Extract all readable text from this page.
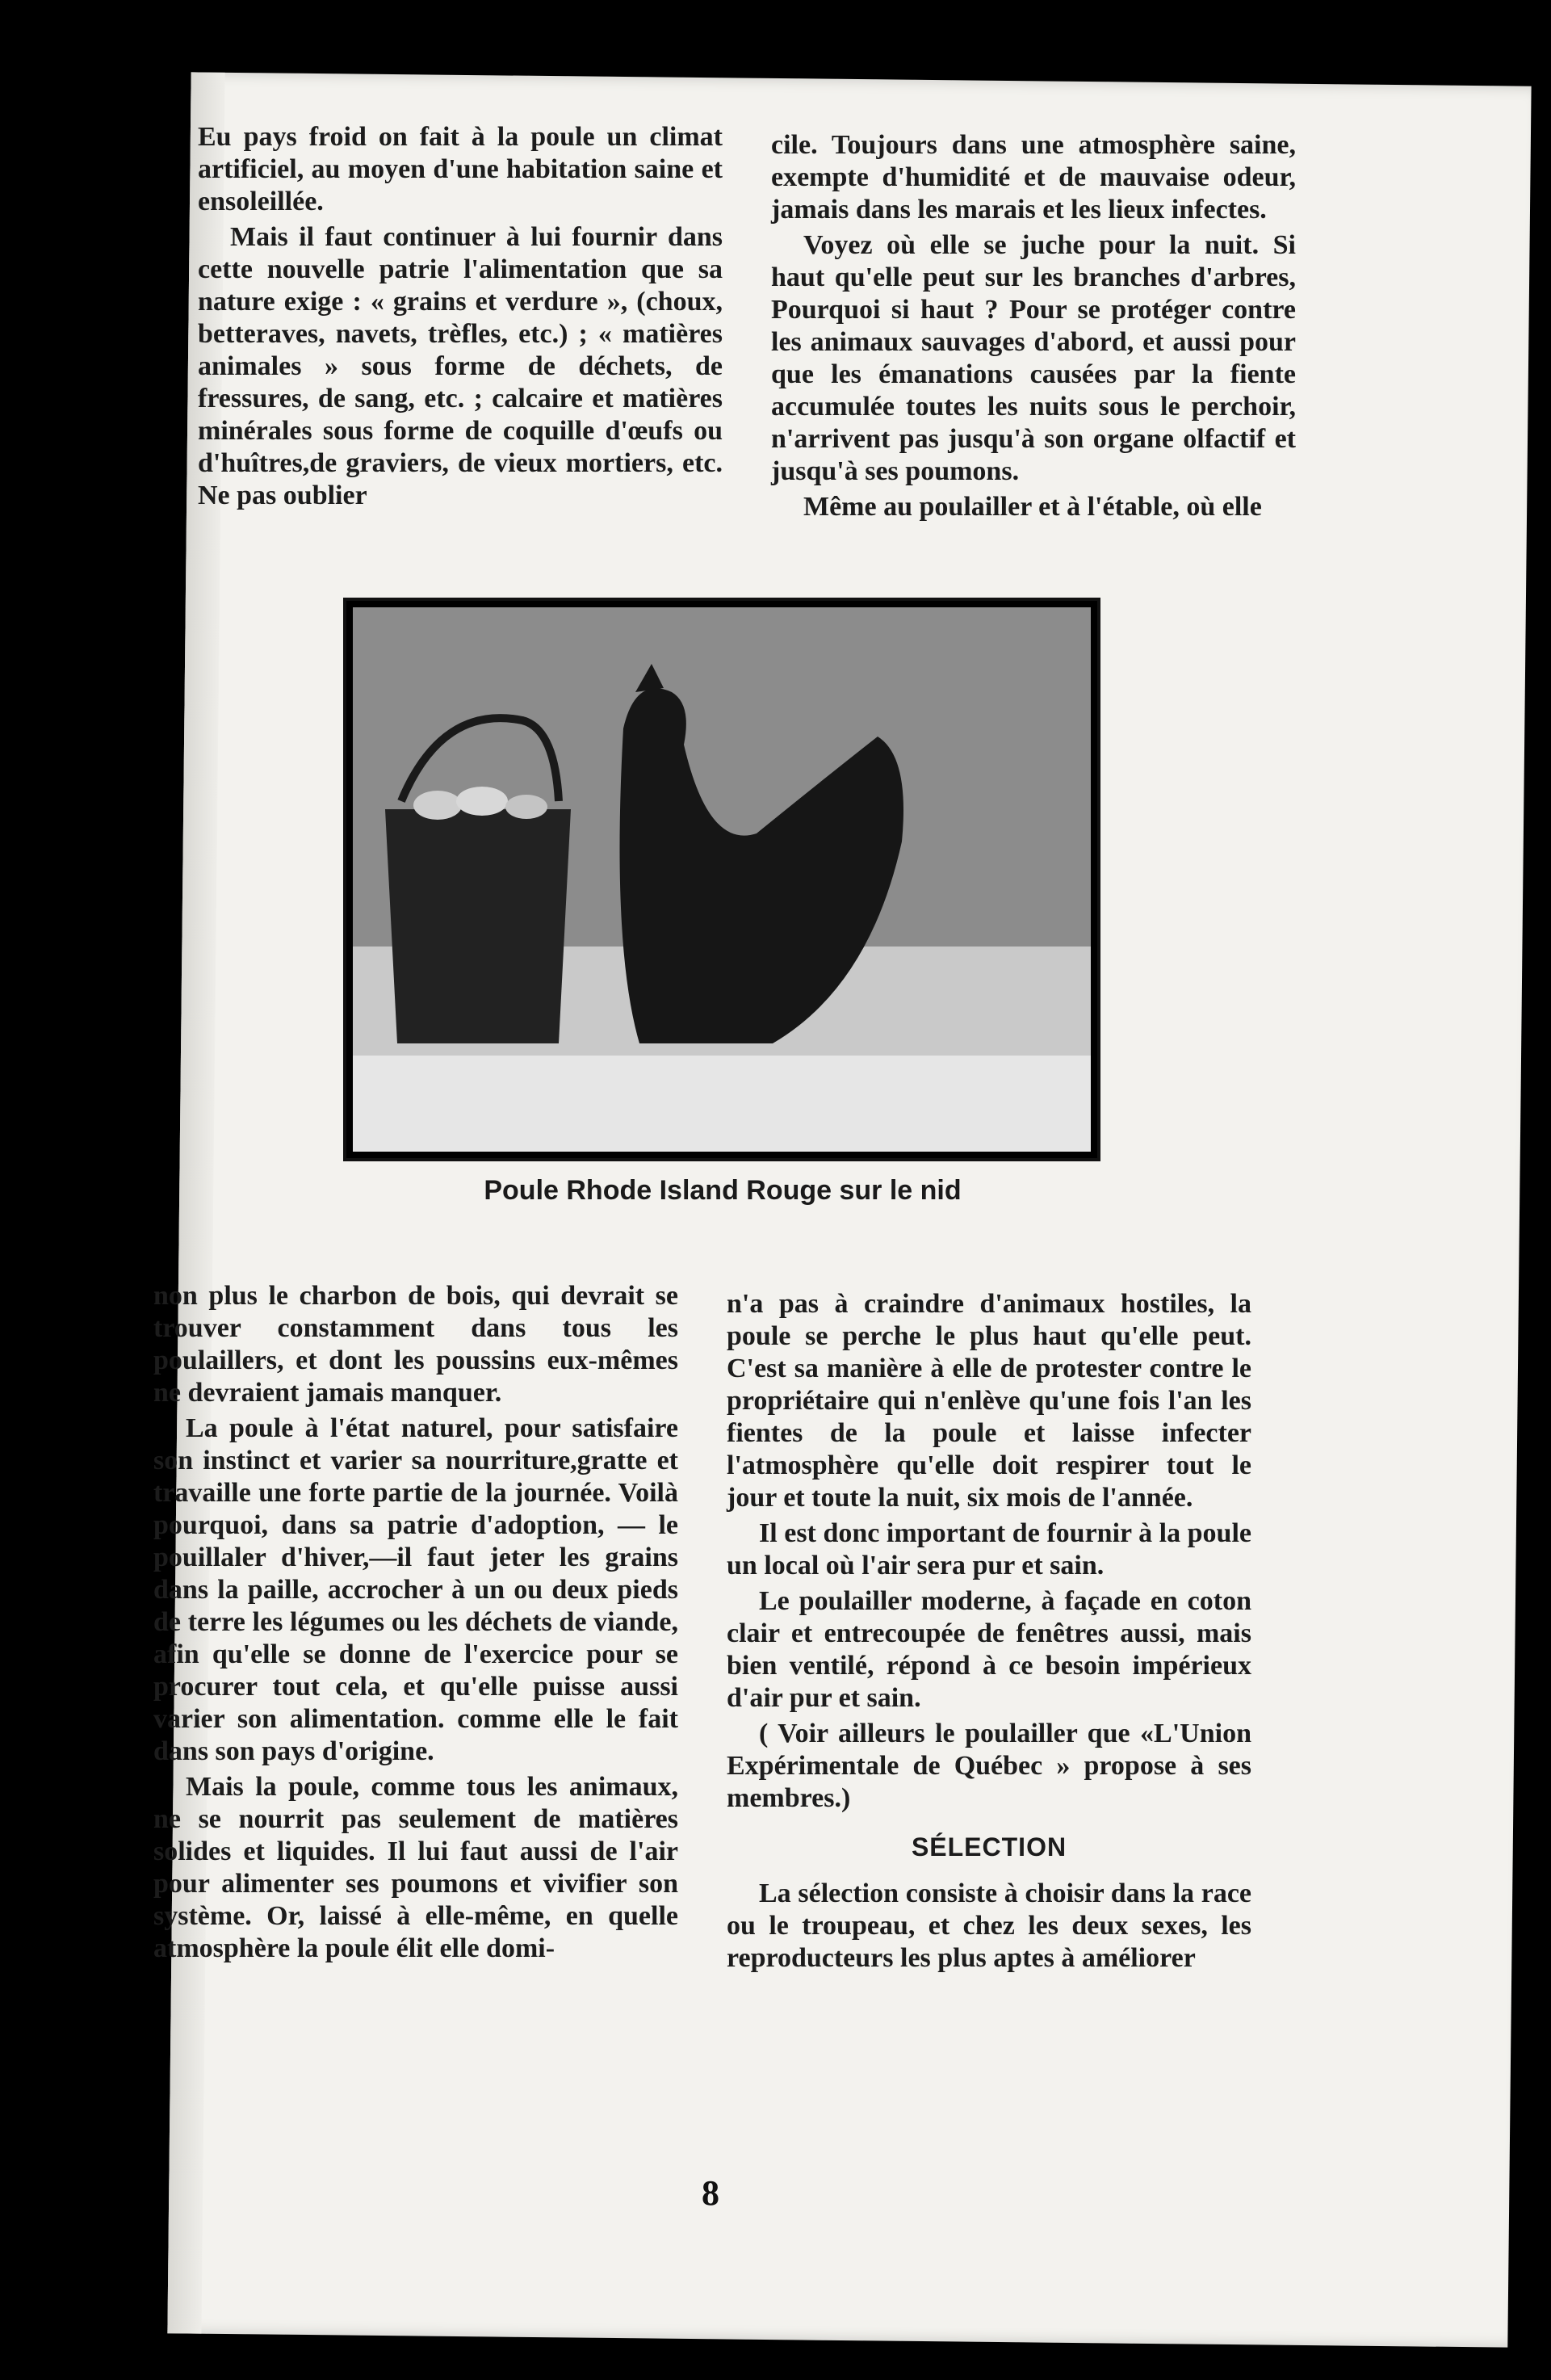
Eu pays froid on fait à la poule un climat artificiel, au moyen d'une habitation saine et ensoleillée.

Mais il faut continuer à lui fournir dans cette nouvelle patrie l'alimentation que sa nature exige : « grains et verdure », (choux, betteraves, navets, trèfles, etc.) ; « matières animales » sous forme de déchets, de fressures, de sang, etc. ; calcaire et matières minérales sous forme de coquille d'œufs ou d'huîtres,de graviers, de vieux mortiers, etc. Ne pas oublier

cile. Toujours dans une atmosphère saine, exempte d'humidité et de mauvaise odeur, jamais dans les marais et les lieux infectes.

Voyez où elle se juche pour la nuit. Si haut qu'elle peut sur les branches d'arbres, Pourquoi si haut ? Pour se protéger contre les animaux sauvages d'abord, et aussi pour que les émanations causées par la fiente accumulée toutes les nuits sous le perchoir, n'arrivent pas jusqu'à son organe olfactif et jusqu'à ses poumons.

Même au poulailler et à l'étable, où elle

Poule Rhode Island Rouge sur le nid

non plus le charbon de bois, qui devrait se trouver constamment dans tous les poulaillers, et dont les poussins eux-mêmes ne devraient jamais manquer.

La poule à l'état naturel, pour satisfaire son instinct et varier sa nourriture,gratte et travaille une forte partie de la journée. Voilà pourquoi, dans sa patrie d'adoption, — le pouillaler d'hiver,—il faut jeter les grains dans la paille, accrocher à un ou deux pieds de terre les légumes ou les déchets de viande, afin qu'elle se donne de l'exercice pour se procurer tout cela, et qu'elle puisse aussi varier son alimentation. comme elle le fait dans son pays d'origine.

Mais la poule, comme tous les animaux, ne se nourrit pas seulement de matières solides et liquides. Il lui faut aussi de l'air pour alimenter ses poumons et vivifier son système. Or, laissé à elle-même, en quelle atmosphère la poule élit elle domi-

n'a pas à craindre d'animaux hostiles, la poule se perche le plus haut qu'elle peut. C'est sa manière à elle de protester contre le propriétaire qui n'enlève qu'une fois l'an les fientes de la poule et laisse infecter l'atmosphère qu'elle doit respirer tout le jour et toute la nuit, six mois de l'année.

Il est donc important de fournir à la poule un local où l'air sera pur et sain.

Le poulailler moderne, à façade en coton clair et entrecoupée de fenêtres aussi, mais bien ventilé, répond à ce besoin impérieux d'air pur et sain.

( Voir ailleurs le poulailler que «L'Union Expérimentale de Québec » propose à ses membres.)

SÉLECTION

La sélection consiste à choisir dans la race ou le troupeau, et chez les deux sexes, les reproducteurs les plus aptes à améliorer

8
